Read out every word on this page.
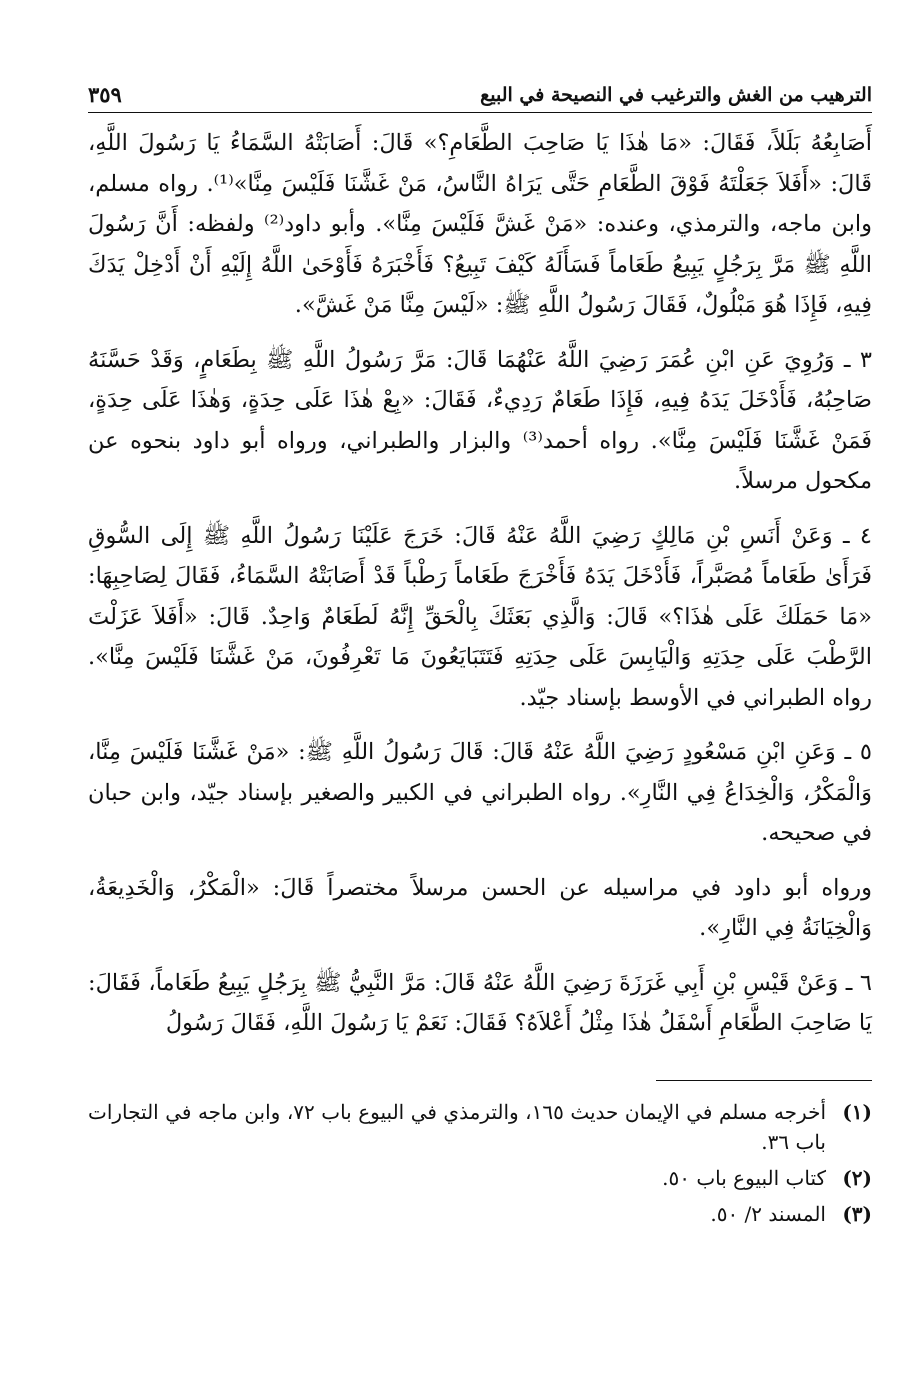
الترهيب من الغش والترغيب في النصيحة في البيع
٣٥٩

أَصَابِعُهُ بَلَلاً، فَقَالَ: «مَا هٰذَا يَا صَاحِبَ الطَّعَامِ؟» قَالَ: أَصَابَتْهُ السَّمَاءُ يَا رَسُولَ اللَّهِ، قَالَ: «أَفَلاَ جَعَلْتَهُ فَوْقَ الطَّعَامِ حَتَّى يَرَاهُ النَّاسُ، مَنْ غَشَّنَا فَلَيْسَ مِنَّا»⁽¹⁾. رواه مسلم، وابن ماجه، والترمذي، وعنده: «مَنْ غَشَّ فَلَيْسَ مِنَّا». وأبو داود⁽²⁾ ولفظه: أَنَّ رَسُولَ اللَّهِ ﷺ مَرَّ بِرَجُلٍ يَبِيعُ طَعَاماً فَسَأَلَهُ كَيْفَ تَبِيعُ؟ فَأَخْبَرَهُ فَأَوْحَىٰ اللَّهُ إِلَيْهِ أَنْ أَدْخِلْ يَدَكَ فِيهِ، فَإِذَا هُوَ مَبْلُولٌ، فَقَالَ رَسُولُ اللَّهِ ﷺ: «لَيْسَ مِنَّا مَنْ غَشَّ».

٣ ـ وَرُوِيَ عَنِ ابْنِ عُمَرَ رَضِيَ اللَّهُ عَنْهُمَا قَالَ: مَرَّ رَسُولُ اللَّهِ ﷺ بِطَعَامٍ، وَقَدْ حَسَّنَهُ صَاحِبُهُ، فَأَدْخَلَ يَدَهُ فِيهِ، فَإِذَا طَعَامٌ رَدِيءٌ، فَقَالَ: «بِعْ هٰذَا عَلَى حِدَةٍ، وَهٰذَا عَلَى حِدَةٍ، فَمَنْ غَشَّنَا فَلَيْسَ مِنَّا». رواه أحمد⁽³⁾ والبزار والطبراني، ورواه أبو داود بنحوه عن مكحول مرسلاً.

٤ ـ وَعَنْ أَنَسِ بْنِ مَالِكٍ رَضِيَ اللَّهُ عَنْهُ قَالَ: خَرَجَ عَلَيْنَا رَسُولُ اللَّهِ ﷺ إِلَى السُّوقِ فَرَأَىٰ طَعَاماً مُصَبَّراً، فَأَدْخَلَ يَدَهُ فَأَخْرَجَ طَعَاماً رَطْباً قَدْ أَصَابَتْهُ السَّمَاءُ، فَقَالَ لِصَاحِبِهَا: «مَا حَمَلَكَ عَلَى هٰذَا؟» قَالَ: وَالَّذِي بَعَثَكَ بِالْحَقِّ إِنَّهُ لَطَعَامٌ وَاحِدٌ. قَالَ: «أَفَلاَ عَزَلْتَ الرَّطْبَ عَلَى حِدَتِهِ وَالْيَابِسَ عَلَى حِدَتِهِ فَتَتَبَايَعُونَ مَا تَعْرِفُونَ، مَنْ غَشَّنَا فَلَيْسَ مِنَّا». رواه الطبراني في الأوسط بإسناد جيّد.

٥ ـ وَعَنِ ابْنِ مَسْعُودٍ رَضِيَ اللَّهُ عَنْهُ قَالَ: قَالَ رَسُولُ اللَّهِ ﷺ: «مَنْ غَشَّنَا فَلَيْسَ مِنَّا، وَالْمَكْرُ، وَالْخِدَاعُ فِي النَّارِ». رواه الطبراني في الكبير والصغير بإسناد جيّد، وابن حبان في صحيحه.

ورواه أبو داود في مراسيله عن الحسن مرسلاً مختصراً قَالَ: «الْمَكْرُ، وَالْخَدِيعَةُ، وَالْخِيَانَةُ فِي النَّارِ».

٦ ـ وَعَنْ قَيْسِ بْنِ أَبِي غَرَزَةَ رَضِيَ اللَّهُ عَنْهُ قَالَ: مَرَّ النَّبِيُّ ﷺ بِرَجُلٍ يَبِيعُ طَعَاماً، فَقَالَ: يَا صَاحِبَ الطَّعَامِ أَسْفَلُ هٰذَا مِثْلُ أَعْلاَهُ؟ فَقَالَ: نَعَمْ يَا رَسُولَ اللَّهِ، فَقَالَ رَسُولُ

(١)
أخرجه مسلم في الإيمان حديث ١٦٥، والترمذي في البيوع باب ٧٢، وابن ماجه في التجارات باب ٣٦.
(٢)
كتاب البيوع باب ٥٠.
(٣)
المسند ٢/ ٥٠.
